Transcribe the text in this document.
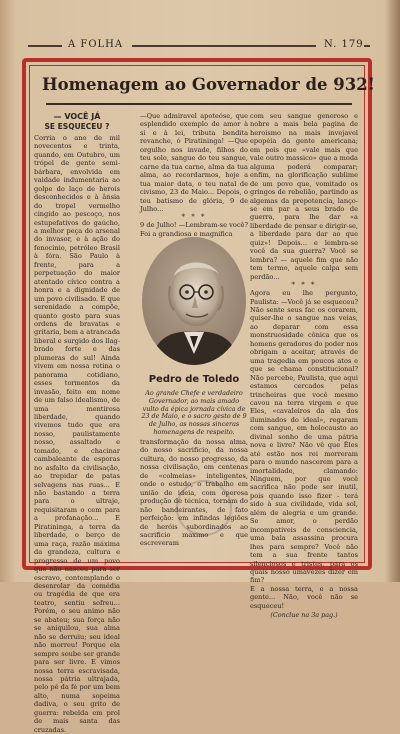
A FOLHA	N. 179
Homenagem ao Governador de 932!
— VOCÊ JÁ
SE ESQUECEU ?

Corria o ano de mil novecentos e trinta, quando, em Outubro, um trópel de gente semi-bárbara, envolvida em vaidade indumentaria ao golpe do laço de herois desconhecidos e à ânsia do tropel vermelho cingido ao pescoço, nos estupefativos do gaúcho, a melhor peça do arsenal do invasor, e à ação do fenocinio, petróleo Brasil à fóra. São Paulo à frente, para a perpetuação do maior atentado cívico contra a honra e a dignidade de um povo civilisado. E que serenidade a compõe, quanto gosto para suas ordens de bravatas e gritaria, bem a atrancada liberal e surgido dos llag-brado forte e das plumeras do sul! Ainda vivem em nossa retina o panorama cotidiano, esses tormentos da invasão, feito em nome de um falso idealismo, de uma mentirosa liberdade, quando vivemos tudo que era nosso, paulistamente nosso, assaltado e tomado, e chacinar cambaleante de esporas no asfalto da civilisação, ao trepidar de patas selvagens nas ruas... E não bastando a terra para o ultraje, requisitaram o cem para a profanação... E Piratininga, a terra da liberdade, o berço de uma raça, razão máxima da grandeza, cultura e progresso de um povo que não nasceu para ser escravo, contemplando o desenrolar da comédia ou tragédia de que era teatro, sentiu sofreu... Porém, o seu animo não se abateu; sua força não se aniquilou, sua alma não se derruiu; seu ideal não morreu! Porque ela sempre soube ser grande para ser livre. E vimos nossa terra escravisada, nossa pátria ultrajada, pelo pé da fé por um bem alto, numa sopeima dadiva, o seu grito de guerra: rebelda em prol de mais santa das cruzadas.

—Que admiravel apoteóse, que esplendido exemplo de amor à si e à lei, tributa bendita revanche, ó Piratininga! —Que orgulho nos invade, filhos do teu solo, sangue do teu sangue, carne da tua carne, alma da tua alma, ao recordarmos, hoje a tua maior data, o teu natal de civismo, 23 de Maio... Depois, o teu batismo de glória, 9 de Julho...

* * *

9 de Julho! —Lembram-se você? Foi a grandiosa e magnifica

Pedro de Toledo
Ao grande Chefe e verdadeiro Governador, ao mais amado vulto da épica jornada cívica de 23 de Maio, e o sacro gesto de 9 de Julho, as nossas sinceras homenagens de respeito.

transformação da nossa alma, do nosso sacrificio, da nossa cultura, do nosso progresso, da nossa civilisação, em centenas de «colmeias» inteligentes, onde o estudo, o trabalho em união de ideia, com operosa produção de técnica, tornam do não bandeirantes, de fato perfeição: em infindas legiões de heróis subordinados ao sacrificio maximo e que escreveram

com seu sangue generoso e nobre a mais bela pagina de heroismo na mais invejavel epopéia da gente americana; em pois que «vale mais que vale outro massico» que a moda alguma poderá comparar; enfim, na glorificação sublime de um povo que, vomitado os gringos de rebelião, partindo as algemas da prepotencia, lanço-se em par a seus brado de guerra, para lhe dar «a liberdade de pensar e dirigir-se, a liberdade para dar ao que quiz»! Depois... e lembra-se você da sua guerra? Você se lembra? — aquele fim que não tem termo, aquele calpa sem perdão...

* * *

Agora eu lhe pergunto, Paulista: —Você já se esqueceu? Não sente seus fac os corarem, quiser-lhe o sangue nas veias, ao deparar com essa monstruosidade cônica que os homens geradores do poder nos obrigam a aceitar, através de uma tragedia em poucos atos e que se chama constitucional? Não percebe, Paulista, que aqui estamos cercados pelas trincheiras que você mesmo cavou na terra virgem e que Eles, «cavaleiros da ala dos iluminados do ideal», regaram com sangue, em holocausto ao divinal sonho de uma pátria nova e livre? Não vê que Êles até estão nos rei morreram para o mundo nascerem para a imortalidade, clamando: Ninguem, por que você sacrifica não pode ser inutil, pois quando isso fizer - terá sido à sua civilidade, vida sol, além de alegria e um grande. Se amor, o perdão incompativeis de consciencia, uma bala assassina procura lhes para sempre? Você não tem a sua frente tantos silenciosos e tristes, para os quais nosso umavezes dizer em fim?

E a nossa terra, e a nossa gente... Não, você não se esqueceu!

(Conclue na 3a pag.)
